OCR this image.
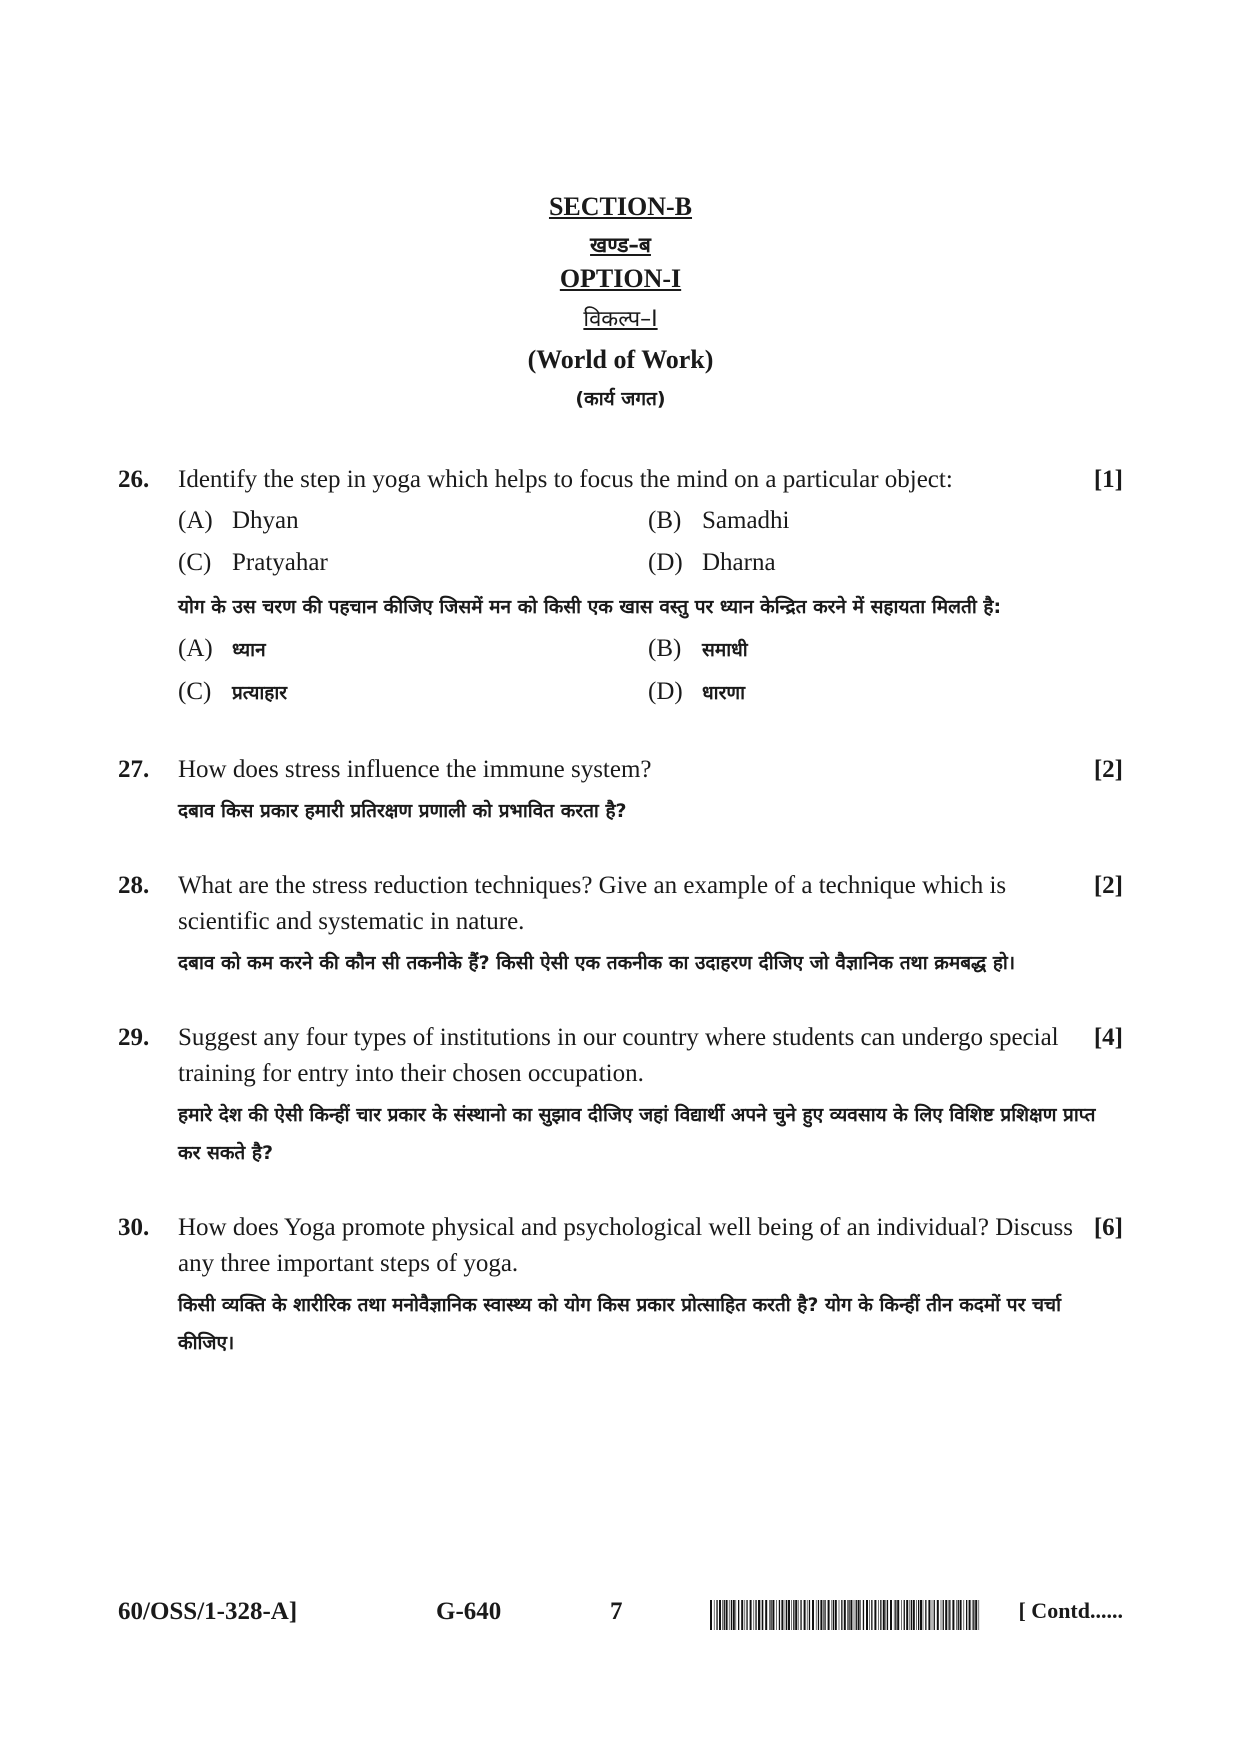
SECTION-B
खण्ड–ब
OPTION-I
विकल्प–I
(World of Work)
(कार्य जगत)
26.	[1]
Identify the step in yoga which helps to focus the mind on a particular object:
(A) Dhyan	(B) Samadhi
(C) Pratyahar	(D) Dharna
योग के उस चरण की पहचान कीजिए जिसमें मन को किसी एक खास वस्तु पर ध्यान केन्द्रित करने में सहायता मिलती है:
(A) ध्यान	(B) समाधी
(C) प्रत्याहार	(D) धारणा
27.	[2]
How does stress influence the immune system?
दबाव किस प्रकार हमारी प्रतिरक्षण प्रणाली को प्रभावित करता है?
28.	[2]
What are the stress reduction techniques? Give an example of a technique which is scientific and systematic in nature.
दबाव को कम करने की कौन सी तकनीके हैं? किसी ऐसी एक तकनीक का उदाहरण दीजिए जो वैज्ञानिक तथा क्रमबद्ध हो।
29.	[4]
Suggest any four types of institutions in our country where students can undergo special training for entry into their chosen occupation.
हमारे देश की ऐसी किन्हीं चार प्रकार के संस्थानो का सुझाव दीजिए जहां विद्यार्थी अपने चुने हुए व्यवसाय के लिए विशिष्ट प्रशिक्षण प्राप्त कर सकते है?
30.	[6]
How does Yoga promote physical and psychological well being of an individual? Discuss any three important steps of yoga.
किसी व्यक्ति के शारीरिक तथा मनोवैज्ञानिक स्वास्थ्य को योग किस प्रकार प्रोत्साहित करती है? योग के किन्हीं तीन कदमों पर चर्चा कीजिए।
60/OSS/1-328-A]	G-640	7	[ Contd......
